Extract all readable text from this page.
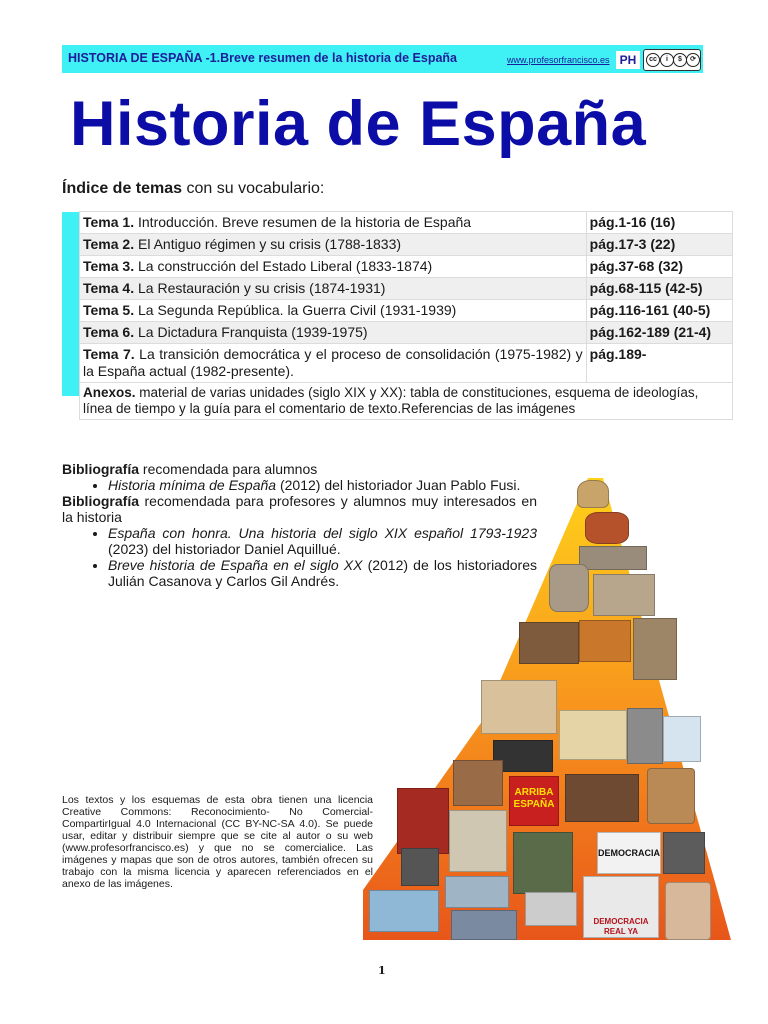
HISTORIA DE ESPAÑA -1.Breve resumen de la historia de España	www.profesorfrancisco.es PH	cc	i	$	⟳
Historia de España
Índice de temas con su vocabulario:
Tema 1. Introducción. Breve resumen de la historia de España	pág.1-16 (16)
Tema 2. El Antiguo régimen y su crisis (1788-1833)	pág.17-3 (22)
Tema 3. La construcción del Estado Liberal (1833-1874)	pág.37-68 (32)
Tema 4. La Restauración y su crisis (1874-1931)	pág.68-115 (42-5)
Tema 5. La Segunda República. la Guerra Civil (1931-1939)	pág.116-161 (40-5)
Tema 6. La Dictadura Franquista (1939-1975)	pág.162-189 (21-4)
Tema 7. La transición democrática y el proceso de consolidación (1975-1982) y la España actual (1982-presente).	pág.189-
Anexos. material de varias unidades (siglo XIX y XX): tabla de constituciones, esquema de ideologías, línea de tiempo y la guía para el comentario de texto.Referencias de las imágenes	

Bibliografía recomendada para alumnos

• Historia mínima de España (2012) del historiador Juan Pablo Fusi.

Bibliografía recomendada para profesores y alumnos muy interesados en la historia

• España con honra. Una historia del siglo XIX español 1793-1923 (2023) del historiador Daniel Aquillué.
• Breve historia de España en el siglo XX (2012) de los historiadores Julián Casanova y Carlos Gil Andrés.
Los textos y los esquemas de esta obra tienen una licencia Creative Commons: Reconocimiento- No Comercial- CompartirIgual 4.0 Internacional (CC BY-NC-SA 4.0). Se puede usar, editar y distribuir siempre que se cite al autor o su web (www.profesorfrancisco.es) y que no se comercialice. Las imágenes y mapas que son de otros autores, también ofrecen su trabajo con la misma licencia y aparecen referenciados en el anexo de las imágenes.
ARRIBA ESPAÑA
DEMOCRACIA
DEMOCRACIA REAL YA
1
